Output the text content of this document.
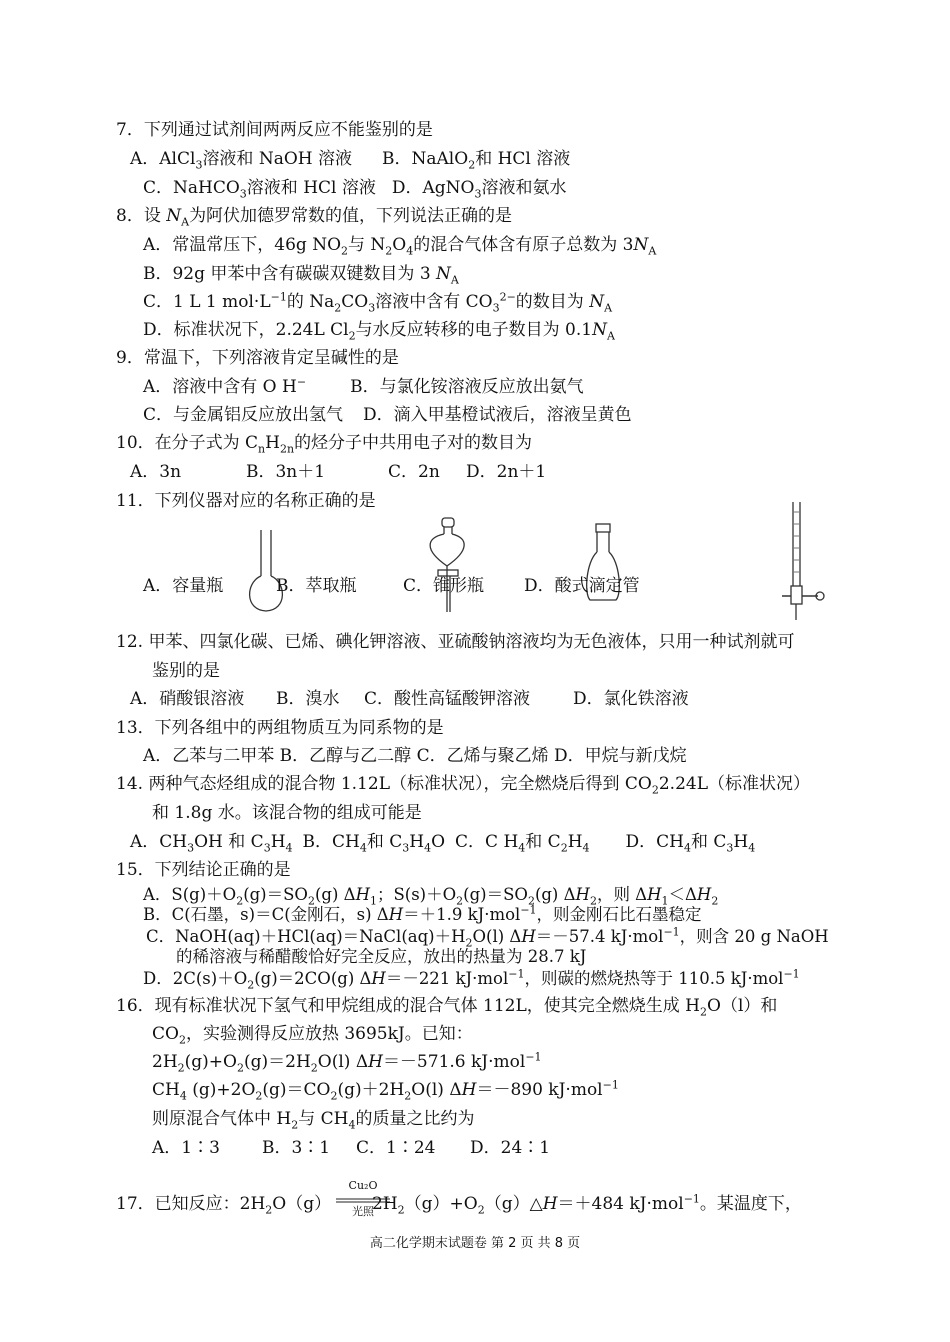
7．下列通过试剂间两两反应不能鉴别的是
A．AlCl$_3$溶液和 NaOH 溶液 B．NaAlO$_2$和 HCl 溶液
C．NaHCO$_3$溶液和 HCl 溶液 D．AgNO$_3$溶液和氨水
8．设 $N_A$为阿伏加德罗常数的值，下列说法正确的是
A．常温常压下，46g $NO_2$与 $N_2O_4$的混合气体含有原子总数为 $3N_A$
B．92g 甲苯中含有碳碳双键数目为 3 $N_A$
C．1 L 1 $mol\cdot L^{-1}$的 $Na_2CO_3$溶液中含有 $CO_3^{2-}$的数目为 $N_A$
D．标准状况下，2.24L $Cl_2$与水反应转移的电子数目为 $0.1N_A$
9．常温下，下列溶液肯定呈碱性的是
A．溶液中含有 O H−	B．与氯化铵溶液反应放出氨气
C．与金属铝反应放出氢气 D．滴入甲基橙试液后，溶液呈黄色
10．在分子式为 $C_nH_{2n}$的烃分子中共用电子对的数目为
A．3n	B．3n＋1	C．2n D．2n＋1
11．下列仪器对应的名称正确的是
A．容量瓶	B．萃取瓶	C．锥形瓶 D．酸式滴定管
12. 甲苯、四氯化碳、已烯、碘化钾溶液、亚硫酸钠溶液均为无色液体，只用一种试剂就可
鉴别的是
A．硝酸银溶液 B．溴水 C．酸性高锰酸钾溶液	D．氯化铁溶液
13．下列各组中的两组物质互为同系物的是
A．乙苯与二甲苯 B．乙醇与乙二醇 C．乙烯与聚乙烯 D．甲烷与新戊烷
14. 两种气态烃组成的混合物 1.12L（标准状况），完全燃烧后得到 $CO_22.24L$（标准状况）
和 1.8g 水。该混合物的组成可能是
A．$CH_3OH$ 和 $C_3H_4$ B．$CH_4$和 $C_3H_4O$ C．C $H_4$和 $C_2H_4$ D．$CH_4$和 $C_3H_4$
15．下列结论正确的是
A．$S(g)+O_2(g)=SO_2(g)$ $\Delta H_1$；$S(s)+O_2(g)=SO_2(g)$ $\Delta H_2$，则 $\Delta H_1<\Delta H_2$
B．C(石墨，s)＝C(金刚石，s) ΔH＝＋1.9 kJ·mol$^{-1}$，则金刚石比石墨稳定
C．$NaOH(aq)+HCl(aq)=NaCl(aq)+H_2O(l)$ ΔH＝－57.4 kJ·mol$^{-1}$，则含 20 g NaOH
的稀溶液与稀醋酸恰好完全反应，放出的热量为 28.7 kJ
D．$2C(s)+O_2(g)=2CO(g)$ ΔH＝－221 kJ·mol$^{-1}$，则碳的燃烧热等于 110.5 kJ·mol$^{-1}$
16．现有标准状况下氢气和甲烷组成的混合气体 112L，使其完全燃烧生成 $H_2O(l)$和
$CO_2$，实验测得反应放热 3695kJ。已知：
$2H_2(g)+O_2(g)=2H_2O(l)$ ΔH＝－571.6 kJ·mol$^{-1}$
$CH_4$ $(g)+2O_2(g)=CO_2(g)+2H_2O(l)$ ΔH＝－890 kJ·mol$^{-1}$
则原混合气体中 $H_2$与 $CH_4$的质量之比约为
A．1∶3 B．3∶1 C．1∶24 D．24∶1
17．已知反应：$2H_2O(g)$
Cu₂O
光照
$2H_2(g)+O_2(g)\triangle H=+484$ kJ·mol$^{-1}$。某温度下，
高二化学期末试题卷 第 2 页 共 8 页
